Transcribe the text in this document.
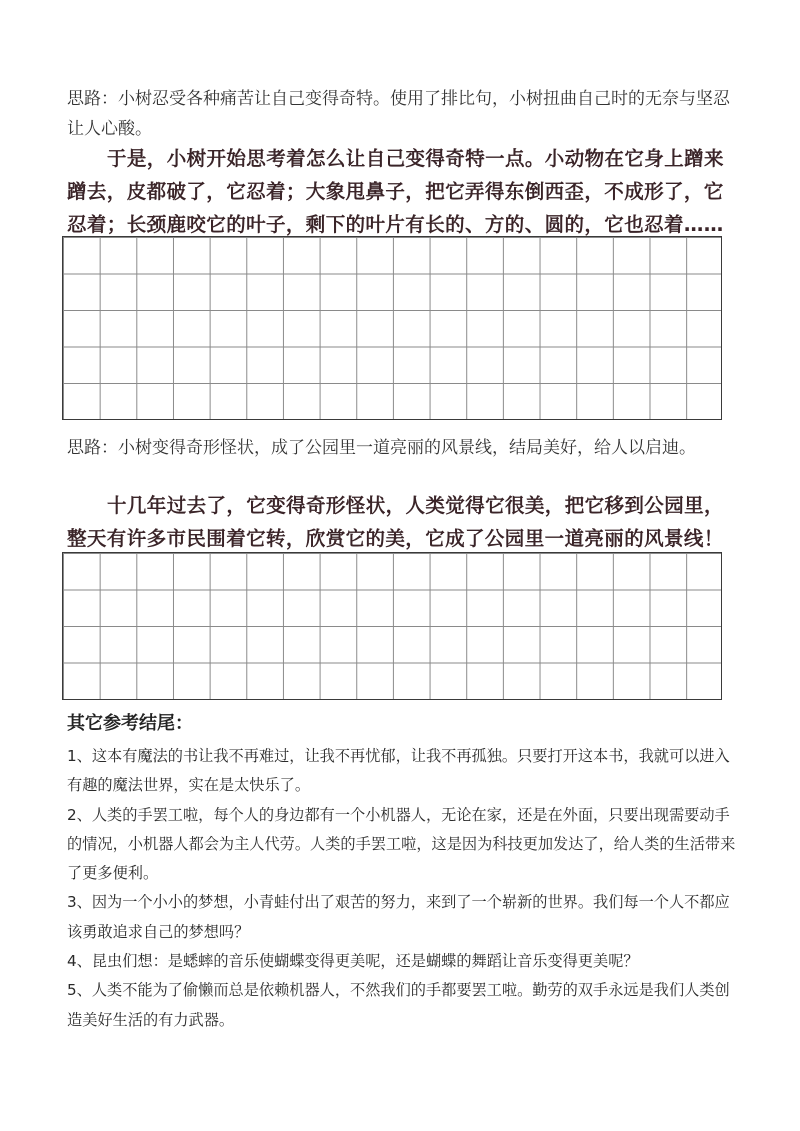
思路：小树忍受各种痛苦让自己变得奇特。使用了排比句，小树扭曲自己时的无奈与坚忍让人心酸。
于是，小树开始思考着怎么让自己变得奇特一点。小动物在它身上蹭来蹭去，皮都破了，它忍着；大象甩鼻子，把它弄得东倒西歪，不成形了，它忍着；长颈鹿咬它的叶子，剩下的叶片有长的、方的、圆的，它也忍着……
思路：小树变得奇形怪状，成了公园里一道亮丽的风景线，结局美好，给人以启迪。
十几年过去了，它变得奇形怪状，人类觉得它很美，把它移到公园里，整天有许多市民围着它转，欣赏它的美，它成了公园里一道亮丽的风景线！
其它参考结尾：

1、这本有魔法的书让我不再难过，让我不再忧郁，让我不再孤独。只要打开这本书，我就可以进入有趣的魔法世界，实在是太快乐了。

2、人类的手罢工啦，每个人的身边都有一个小机器人，无论在家，还是在外面，只要出现需要动手的情况，小机器人都会为主人代劳。人类的手罢工啦，这是因为科技更加发达了，给人类的生活带来了更多便利。

3、因为一个小小的梦想，小青蛙付出了艰苦的努力，来到了一个崭新的世界。我们每一个人不都应该勇敢追求自己的梦想吗？

4、昆虫们想：是蟋蟀的音乐使蝴蝶变得更美呢，还是蝴蝶的舞蹈让音乐变得更美呢？

5、人类不能为了偷懒而总是依赖机器人，不然我们的手都要罢工啦。勤劳的双手永远是我们人类创造美好生活的有力武器。
